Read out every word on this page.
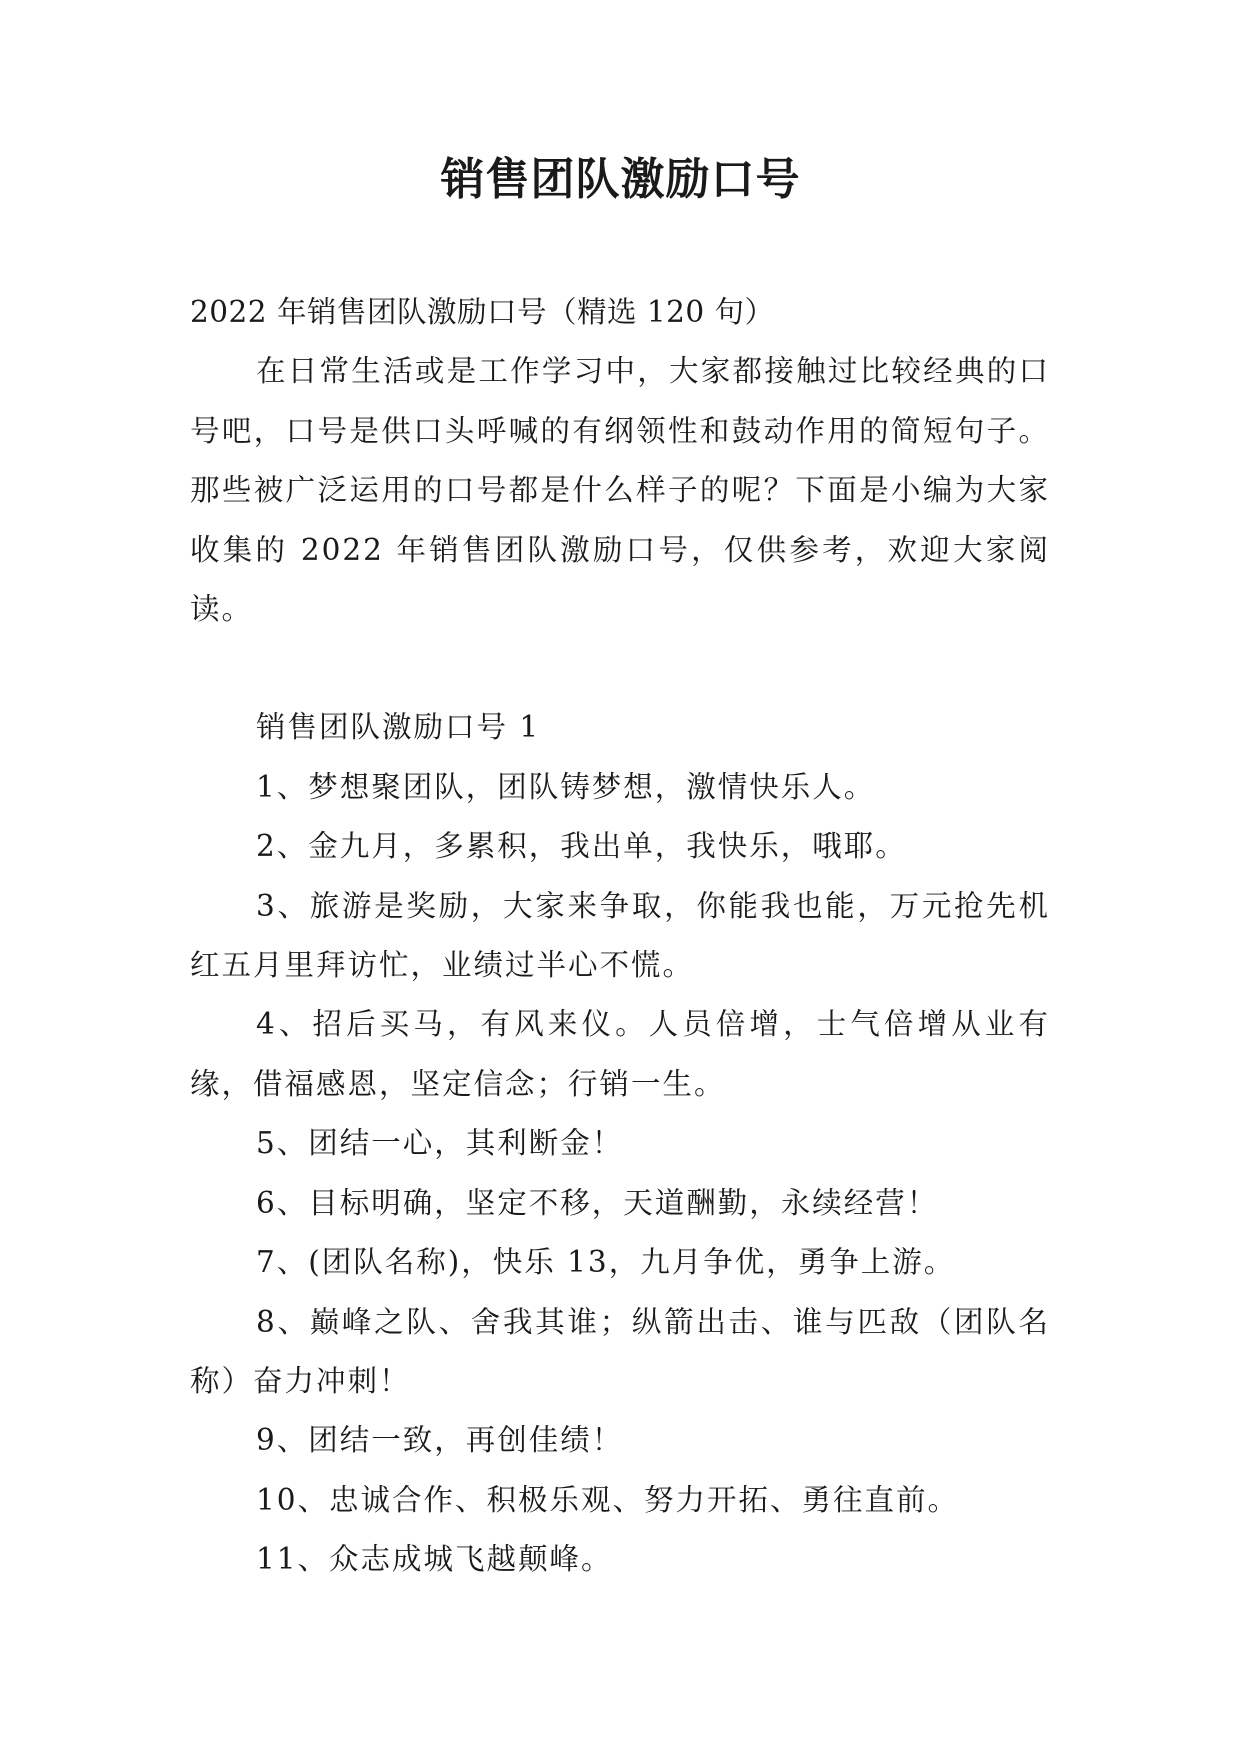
销售团队激励口号

2022 年销售团队激励口号（精选 120 句）

在日常生活或是工作学习中，大家都接触过比较经典的口号吧，口号是供口头呼喊的有纲领性和鼓动作用的简短句子。那些被广泛运用的口号都是什么样子的呢？下面是小编为大家收集的 2022 年销售团队激励口号，仅供参考，欢迎大家阅读。

销售团队激励口号 1

1、梦想聚团队，团队铸梦想，激情快乐人。

2、金九月，多累积，我出单，我快乐，哦耶。

3、旅游是奖励，大家来争取，你能我也能，万元抢先机红五月里拜访忙，业绩过半心不慌。

4、招后买马，有风来仪。人员倍增，士气倍增从业有缘，借福感恩，坚定信念；行销一生。

5、团结一心，其利断金！

6、目标明确，坚定不移，天道酬勤，永续经营！

7、(团队名称)，快乐 13，九月争优，勇争上游。

8、巅峰之队、舍我其谁；纵箭出击、谁与匹敌（团队名称）奋力冲刺！

9、团结一致，再创佳绩！

10、忠诚合作、积极乐观、努力开拓、勇往直前。

11、众志成城飞越颠峰。
